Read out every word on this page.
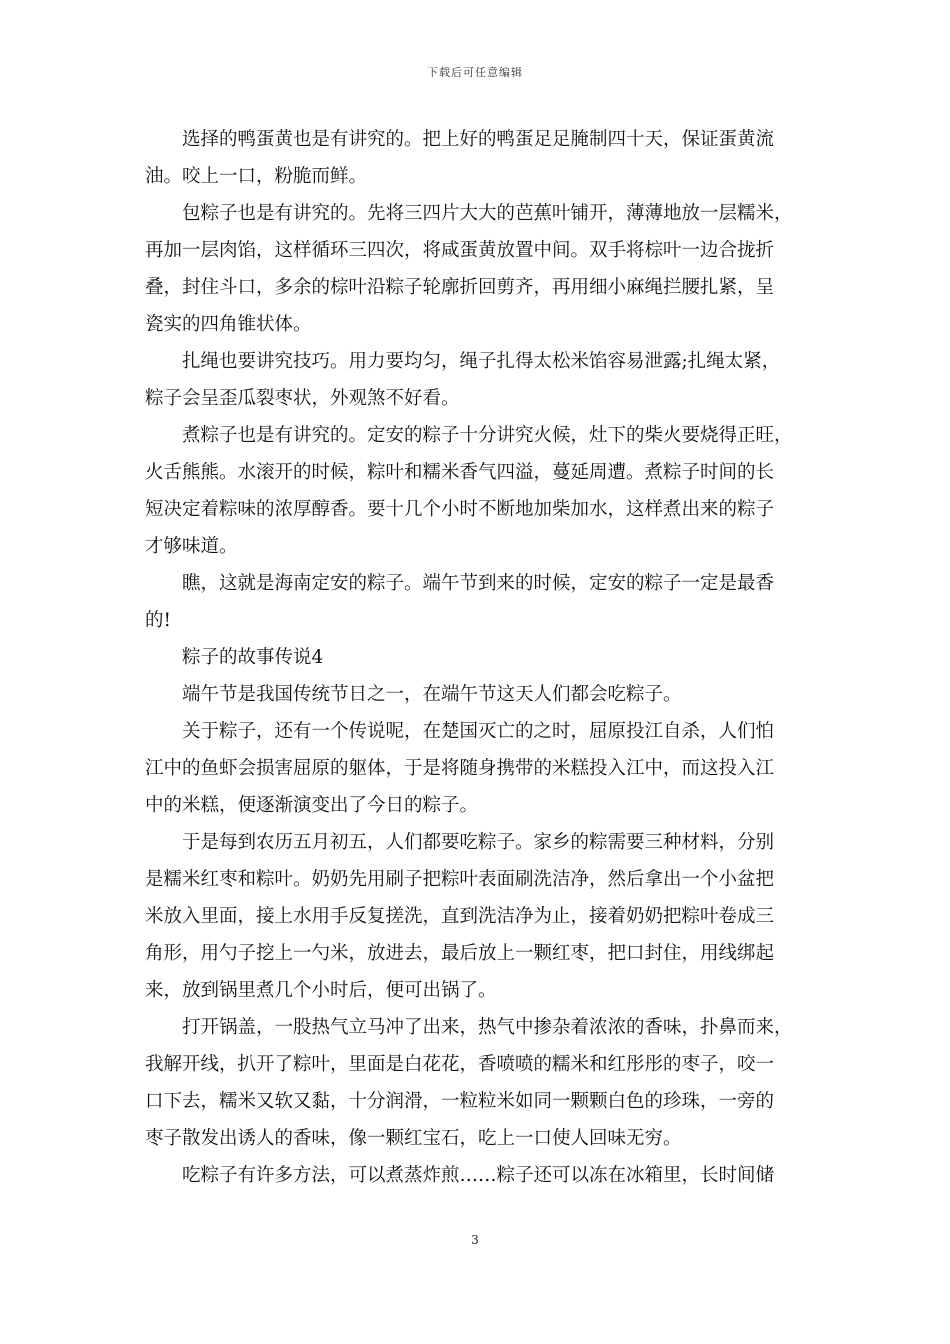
下载后可任意编辑
选择的鸭蛋黄也是有讲究的。把上好的鸭蛋足足腌制四十天，保证蛋黄流
油。咬上一口，粉脆而鲜。
包粽子也是有讲究的。先将三四片大大的芭蕉叶铺开，薄薄地放一层糯米，
再加一层肉馅，这样循环三四次，将咸蛋黄放置中间。双手将棕叶一边合拢折
叠，封住斗口，多余的棕叶沿粽子轮廓折回剪齐，再用细小麻绳拦腰扎紧，呈
瓷实的四角锥状体。
扎绳也要讲究技巧。用力要均匀，绳子扎得太松米馅容易泄露;扎绳太紧，
粽子会呈歪瓜裂枣状，外观煞不好看。
煮粽子也是有讲究的。定安的粽子十分讲究火候，灶下的柴火要烧得正旺，
火舌熊熊。水滚开的时候，粽叶和糯米香气四溢，蔓延周遭。煮粽子时间的长
短决定着粽味的浓厚醇香。要十几个小时不断地加柴加水，这样煮出来的粽子
才够味道。
瞧，这就是海南定安的粽子。端午节到来的时候，定安的粽子一定是最香
的!
粽子的故事传说4
端午节是我国传统节日之一，在端午节这天人们都会吃粽子。
关于粽子，还有一个传说呢，在楚国灭亡的之时，屈原投江自杀，人们怕
江中的鱼虾会损害屈原的躯体，于是将随身携带的米糕投入江中，而这投入江
中的米糕，便逐渐演变出了今日的粽子。
于是每到农历五月初五，人们都要吃粽子。家乡的粽需要三种材料，分别
是糯米红枣和粽叶。奶奶先用刷子把粽叶表面刷洗洁净，然后拿出一个小盆把
米放入里面，接上水用手反复搓洗，直到洗洁净为止，接着奶奶把粽叶卷成三
角形，用勺子挖上一勺米，放进去，最后放上一颗红枣，把口封住，用线绑起
来，放到锅里煮几个小时后，便可出锅了。
打开锅盖，一股热气立马冲了出来，热气中掺杂着浓浓的香味，扑鼻而来，
我解开线，扒开了粽叶，里面是白花花，香喷喷的糯米和红彤彤的枣子，咬一
口下去，糯米又软又黏，十分润滑，一粒粒米如同一颗颗白色的珍珠，一旁的
枣子散发出诱人的香味，像一颗红宝石，吃上一口使人回味无穷。
吃粽子有许多方法，可以煮蒸炸煎……粽子还可以冻在冰箱里，长时间储
3
